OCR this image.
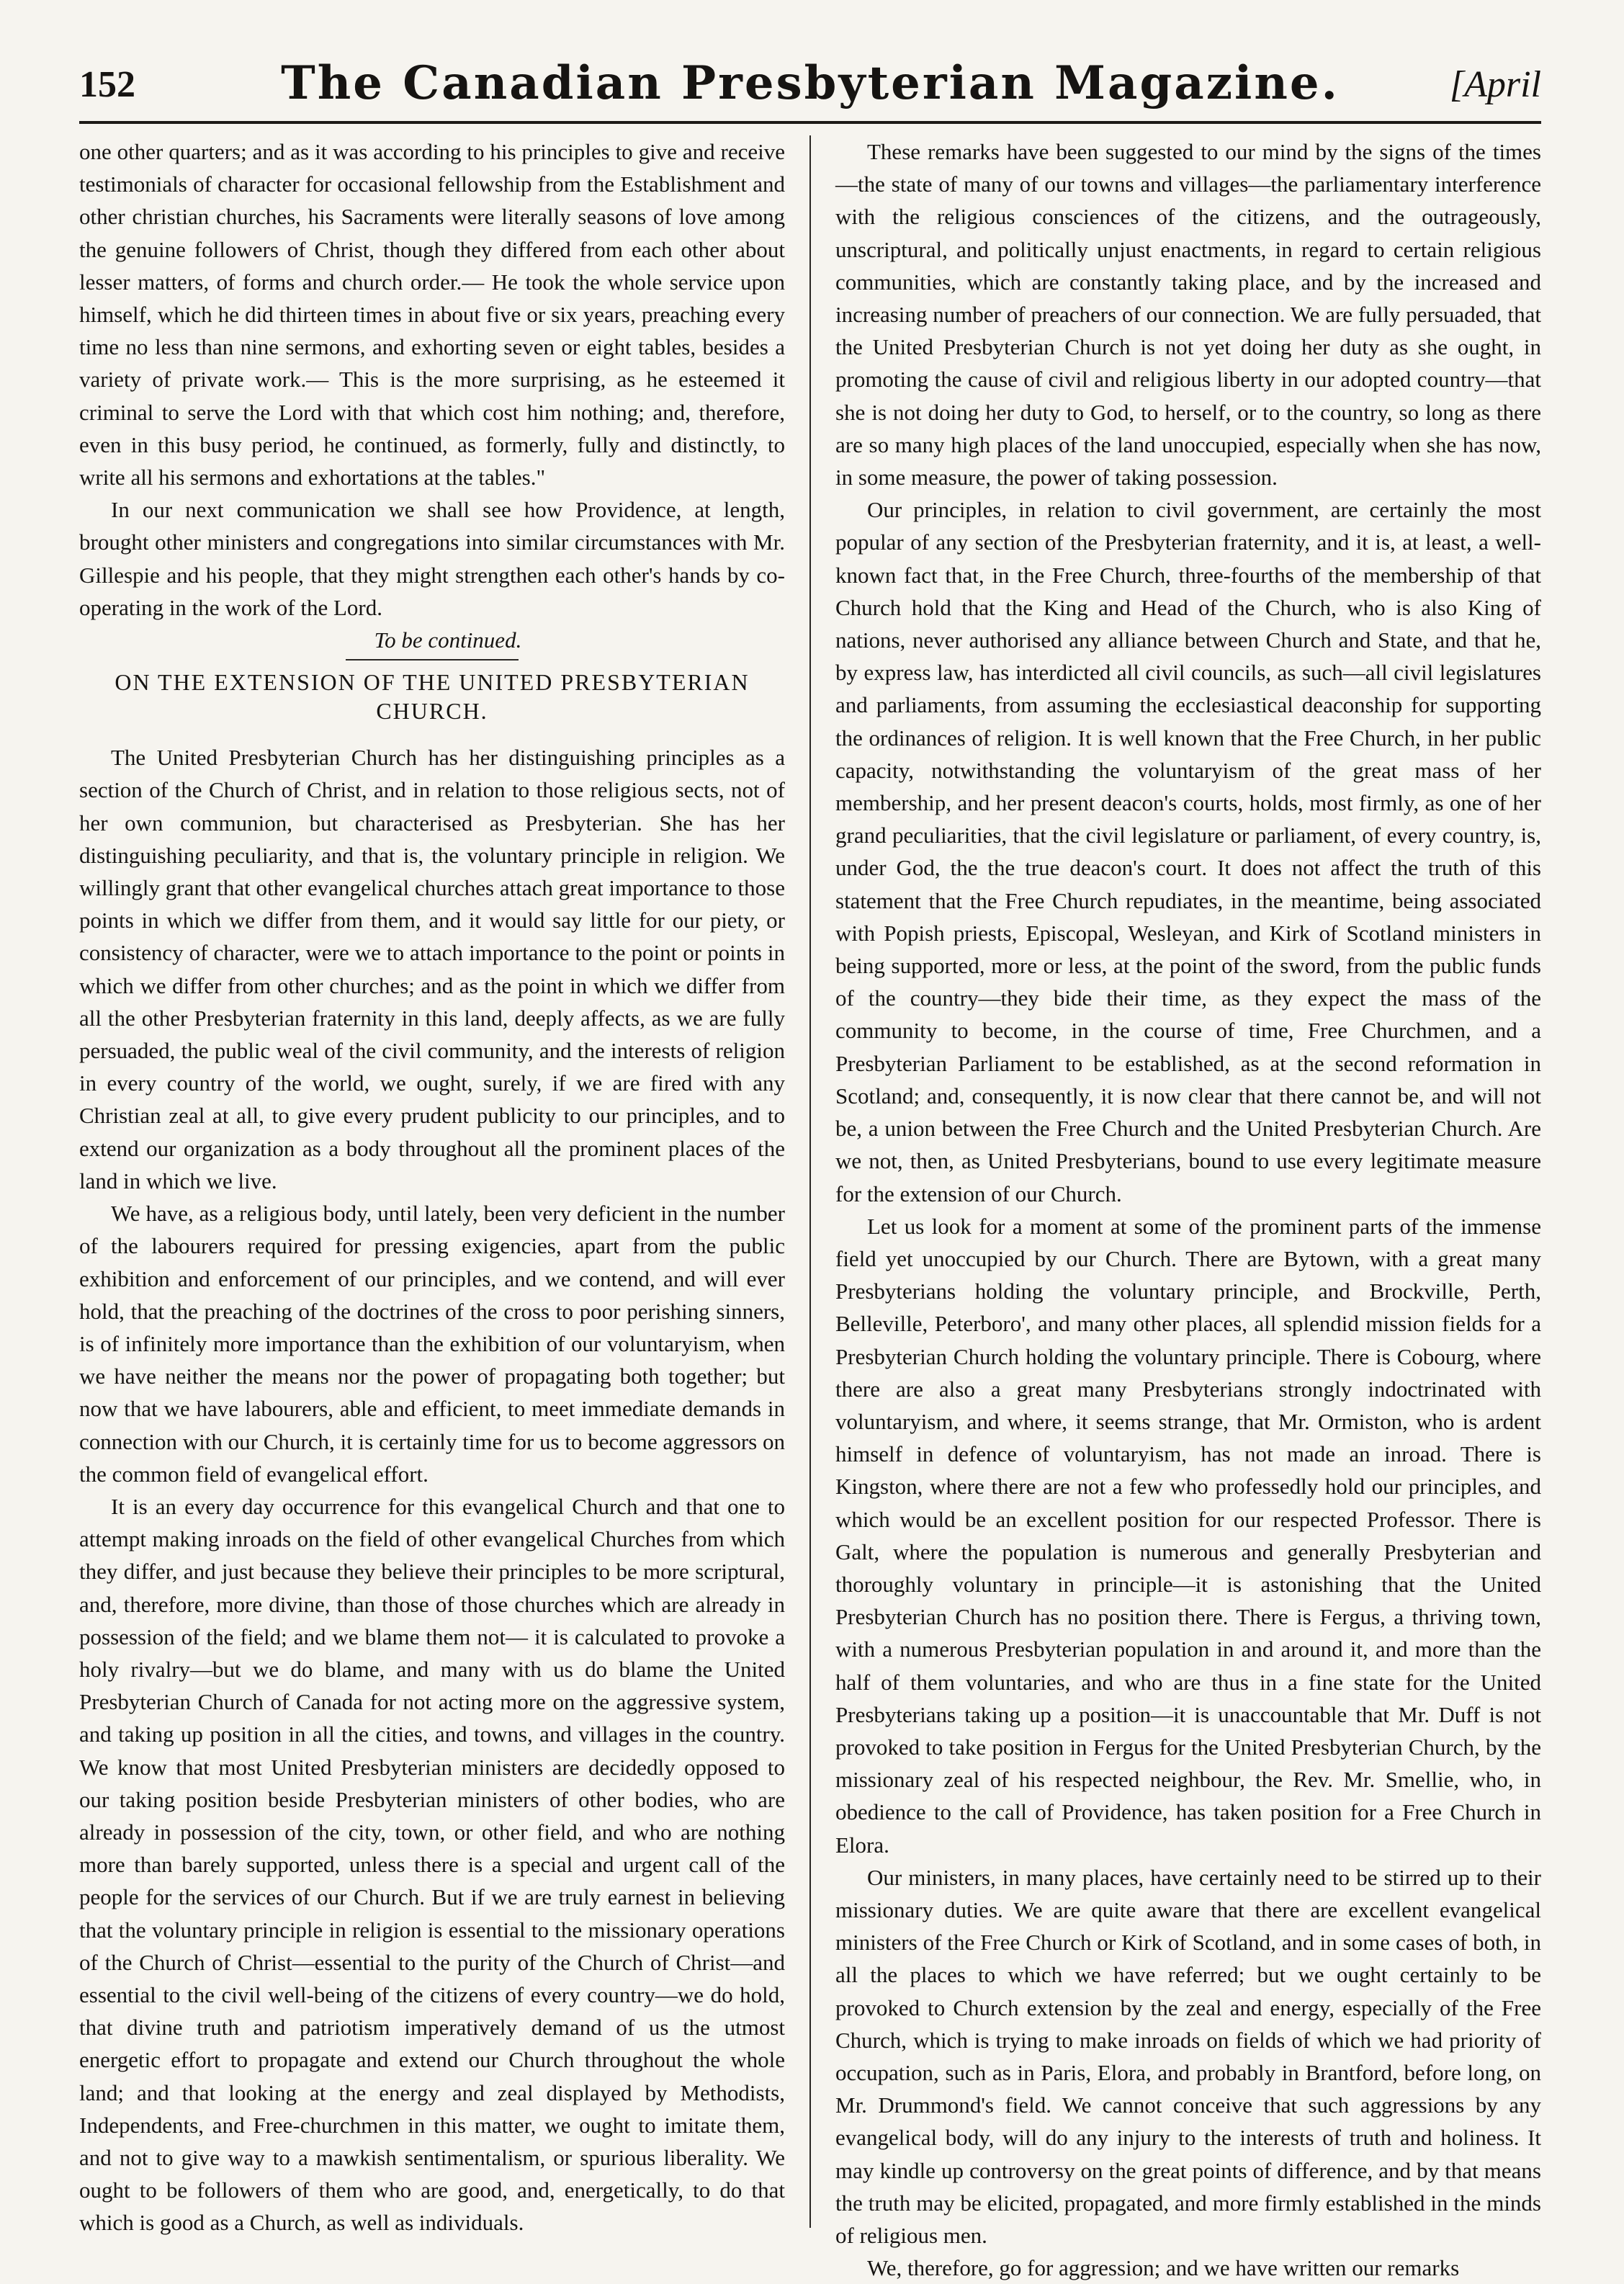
152	The Canadian Presbyterian Magazine.	[April

one other quarters; and as it was according to his principles to give and receive testimonials of character for occasional fellowship from the Establishment and other christian churches, his Sacraments were literally seasons of love among the genuine followers of Christ, though they differed from each other about lesser matters, of forms and church order.— He took the whole service upon himself, which he did thirteen times in about five or six years, preaching every time no less than nine sermons, and exhorting seven or eight tables, besides a variety of private work.— This is the more surprising, as he esteemed it criminal to serve the Lord with that which cost him nothing; and, therefore, even in this busy period, he continued, as formerly, fully and distinctly, to write all his sermons and exhortations at the tables."

In our next communication we shall see how Providence, at length, brought other ministers and congregations into similar circumstances with Mr. Gillespie and his people, that they might strengthen each other's hands by co-operating in the work of the Lord.

To be continued.

ON THE EXTENSION OF THE UNITED PRESBYTERIAN CHURCH.

The United Presbyterian Church has her distinguishing principles as a section of the Church of Christ, and in relation to those religious sects, not of her own communion, but characterised as Presbyterian. She has her distinguishing peculiarity, and that is, the voluntary principle in religion. We willingly grant that other evangelical churches attach great importance to those points in which we differ from them, and it would say little for our piety, or consistency of character, were we to attach importance to the point or points in which we differ from other churches; and as the point in which we differ from all the other Presbyterian fraternity in this land, deeply affects, as we are fully persuaded, the public weal of the civil community, and the interests of religion in every country of the world, we ought, surely, if we are fired with any Christian zeal at all, to give every prudent publicity to our principles, and to extend our organization as a body throughout all the prominent places of the land in which we live.

We have, as a religious body, until lately, been very deficient in the number of the labourers required for pressing exigencies, apart from the public exhibition and enforcement of our principles, and we contend, and will ever hold, that the preaching of the doctrines of the cross to poor perishing sinners, is of infinitely more importance than the exhibition of our voluntaryism, when we have neither the means nor the power of propagating both together; but now that we have labourers, able and efficient, to meet immediate demands in connection with our Church, it is certainly time for us to become aggressors on the common field of evangelical effort.

It is an every day occurrence for this evangelical Church and that one to attempt making inroads on the field of other evangelical Churches from which they differ, and just because they believe their principles to be more scriptural, and, therefore, more divine, than those of those churches which are already in possession of the field; and we blame them not— it is calculated to provoke a holy rivalry—but we do blame, and many with us do blame the United Presbyterian Church of Canada for not acting more on the aggressive system, and taking up position in all the cities, and towns, and villages in the country. We know that most United Presbyterian ministers are decidedly opposed to our taking position beside Presbyterian ministers of other bodies, who are already in possession of the city, town, or other field, and who are nothing more than barely supported, unless there is a special and urgent call of the people for the services of our Church. But if we are truly earnest in believing that the voluntary principle in religion is essential to the missionary operations of the Church of Christ—essential to the purity of the Church of Christ—and essential to the civil well-being of the citizens of every country—we do hold, that divine truth and patriotism imperatively demand of us the utmost energetic effort to propagate and extend our Church throughout the whole land; and that looking at the energy and zeal displayed by Methodists, Independents, and Free-churchmen in this matter, we ought to imitate them, and not to give way to a mawkish sentimentalism, or spurious liberality. We ought to be followers of them who are good, and, energetically, to do that which is good as a Church, as well as individuals.

These remarks have been suggested to our mind by the signs of the times—the state of many of our towns and villages—the parliamentary interference with the religious consciences of the citizens, and the outrageously, unscriptural, and politically unjust enactments, in regard to certain religious communities, which are constantly taking place, and by the increased and increasing number of preachers of our connection. We are fully persuaded, that the United Presbyterian Church is not yet doing her duty as she ought, in promoting the cause of civil and religious liberty in our adopted country—that she is not doing her duty to God, to herself, or to the country, so long as there are so many high places of the land unoccupied, especially when she has now, in some measure, the power of taking possession.

Our principles, in relation to civil government, are certainly the most popular of any section of the Presbyterian fraternity, and it is, at least, a well-known fact that, in the Free Church, three-fourths of the membership of that Church hold that the King and Head of the Church, who is also King of nations, never authorised any alliance between Church and State, and that he, by express law, has interdicted all civil councils, as such—all civil legislatures and parliaments, from assuming the ecclesiastical deaconship for supporting the ordinances of religion. It is well known that the Free Church, in her public capacity, notwithstanding the voluntaryism of the great mass of her membership, and her present deacon's courts, holds, most firmly, as one of her grand peculiarities, that the civil legislature or parliament, of every country, is, under God, the the true deacon's court. It does not affect the truth of this statement that the Free Church repudiates, in the meantime, being associated with Popish priests, Episcopal, Wesleyan, and Kirk of Scotland ministers in being supported, more or less, at the point of the sword, from the public funds of the country—they bide their time, as they expect the mass of the community to become, in the course of time, Free Churchmen, and a Presbyterian Parliament to be established, as at the second reformation in Scotland; and, consequently, it is now clear that there cannot be, and will not be, a union between the Free Church and the United Presbyterian Church. Are we not, then, as United Presbyterians, bound to use every legitimate measure for the extension of our Church.

Let us look for a moment at some of the prominent parts of the immense field yet unoccupied by our Church. There are Bytown, with a great many Presbyterians holding the voluntary principle, and Brockville, Perth, Belleville, Peterboro', and many other places, all splendid mission fields for a Presbyterian Church holding the voluntary principle. There is Cobourg, where there are also a great many Presbyterians strongly indoctrinated with voluntaryism, and where, it seems strange, that Mr. Ormiston, who is ardent himself in defence of voluntaryism, has not made an inroad. There is Kingston, where there are not a few who professedly hold our principles, and which would be an excellent position for our respected Professor. There is Galt, where the population is numerous and generally Presbyterian and thoroughly voluntary in principle—it is astonishing that the United Presbyterian Church has no position there. There is Fergus, a thriving town, with a numerous Presbyterian population in and around it, and more than the half of them voluntaries, and who are thus in a fine state for the United Presbyterians taking up a position—it is unaccountable that Mr. Duff is not provoked to take position in Fergus for the United Presbyterian Church, by the missionary zeal of his respected neighbour, the Rev. Mr. Smellie, who, in obedience to the call of Providence, has taken position for a Free Church in Elora.

Our ministers, in many places, have certainly need to be stirred up to their missionary duties. We are quite aware that there are excellent evangelical ministers of the Free Church or Kirk of Scotland, and in some cases of both, in all the places to which we have referred; but we ought certainly to be provoked to Church extension by the zeal and energy, especially of the Free Church, which is trying to make inroads on fields of which we had priority of occupation, such as in Paris, Elora, and probably in Brantford, before long, on Mr. Drummond's field. We cannot conceive that such aggressions by any evangelical body, will do any injury to the interests of truth and holiness. It may kindle up controversy on the great points of difference, and by that means the truth may be elicited, propagated, and more firmly established in the minds of religious men.

We, therefore, go for aggression; and we have written our remarks
